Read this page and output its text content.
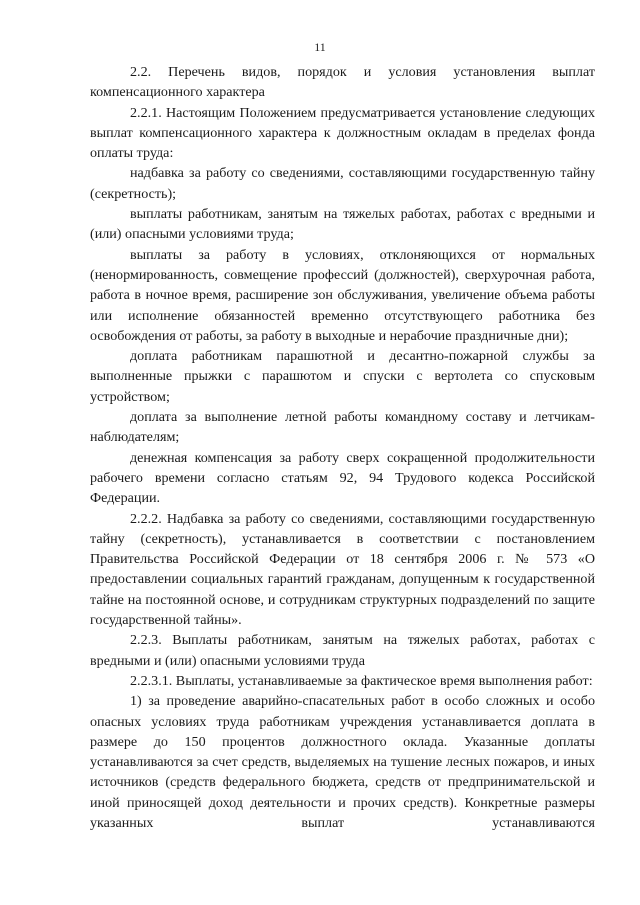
11

2.2. Перечень видов, порядок и условия установления выплат компенсационного характера

2.2.1. Настоящим Положением предусматривается установление следующих выплат компенсационного характера к должностным окладам в пределах фонда оплаты труда:

надбавка за работу со сведениями, составляющими государственную тайну (секретность);

выплаты работникам, занятым на тяжелых работах, работах с вредными и (или) опасными условиями труда;

выплаты за работу в условиях, отклоняющихся от нормальных (ненормированность, совмещение профессий (должностей), сверхурочная работа, работа в ночное время, расширение зон обслуживания, увеличение объема работы или исполнение обязанностей временно отсутствующего работника без освобождения от работы, за работу в выходные и нерабочие праздничные дни);

доплата работникам парашютной и десантно-пожарной службы за выполненные прыжки с парашютом и спуски с вертолета со спусковым устройством;

доплата за выполнение летной работы командному составу и летчикам-наблюдателям;

денежная компенсация за работу сверх сокращенной продолжительности рабочего времени согласно статьям 92, 94 Трудового кодекса Российской Федерации.

2.2.2. Надбавка за работу со сведениями, составляющими государственную тайну (секретность), устанавливается в соответствии с постановлением Правительства Российской Федерации от 18 сентября 2006 г. № 573 «О предоставлении социальных гарантий гражданам, допущенным к государственной тайне на постоянной основе, и сотрудникам структурных подразделений по защите государственной тайны».

2.2.3. Выплаты работникам, занятым на тяжелых работах, работах с вредными и (или) опасными условиями труда

2.2.3.1. Выплаты, устанавливаемые за фактическое время выполнения работ:

1) за проведение аварийно-спасательных работ в особо сложных и особо опасных условиях труда работникам учреждения устанавливается доплата в размере до 150 процентов должностного оклада. Указанные доплаты устанавливаются за счет средств, выделяемых на тушение лесных пожаров, и иных источников (средств федерального бюджета, средств от предпринимательской и иной приносящей доход деятельности и прочих средств). Конкретные размеры указанных выплат устанавливаются
